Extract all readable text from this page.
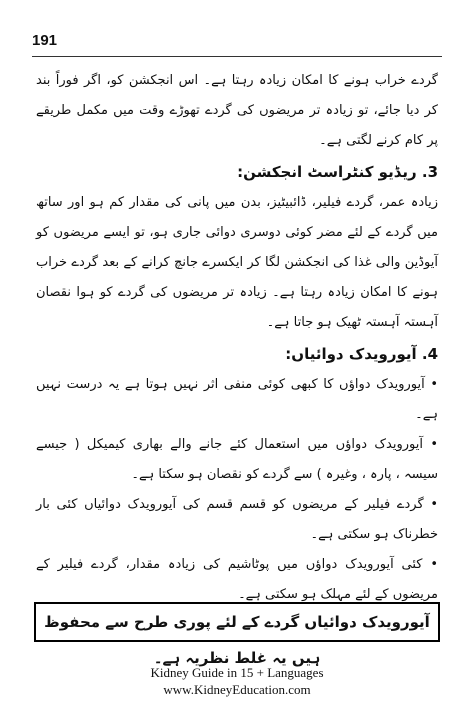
191

گردے خراب ہونے کا امکان زیادہ رہتا ہے۔ اس انجکشن کو، اگر فوراً بند کر دیا جائے، تو زیادہ تر مریضوں کی گردے تھوڑے وقت میں مکمل طریقے پر کام کرنے لگتی ہے۔

3. ریڈیو کنٹراسٹ انجکشن:

زیادہ عمر، گردے فیلیر، ڈائبیٹیز، بدن میں پانی کی مقدار کم ہو اور ساتھ میں گردے کے لئے مضر کوئی دوسری دوائی جاری ہو، تو ایسے مریضوں کو آیوڈین والی غذا کی انجکشن لگا کر ایکسرے جانچ کرانے کے بعد گردے خراب ہونے کا امکان زیادہ رہتا ہے۔ زیادہ تر مریضوں کی گردے کو ہوا نقصان آہستہ آہستہ ٹھیک ہو جاتا ہے۔

4. آیورویدک دوائیاں:

• آیورویدک دواؤں کا کبھی کوئی منفی اثر نہیں ہوتا ہے یہ درست نہیں ہے۔

• آیورویدک دواؤں میں استعمال کئے جانے والے بھاری کیمیکل ( جیسے سیسہ ، پارہ ، وغیرہ ) سے گردے کو نقصان ہو سکتا ہے۔

• گردے فیلیر کے مریضوں کو قسم قسم کی آیورویدک دوائیاں کئی بار خطرناک ہو سکتی ہے۔

• کئی آیورویدک دواؤں میں پوٹاشیم کی زیادہ مقدار، گردے فیلیر کے مریضوں کے لئے مہلک ہو سکتی ہے۔

آیورویدک دوائیاں گردے کے لئے پوری طرح سے محفوظ ہیں یہ غلط نظریہ ہے۔
Kidney Guide in 15 + Languages
www.KidneyEducation.com
